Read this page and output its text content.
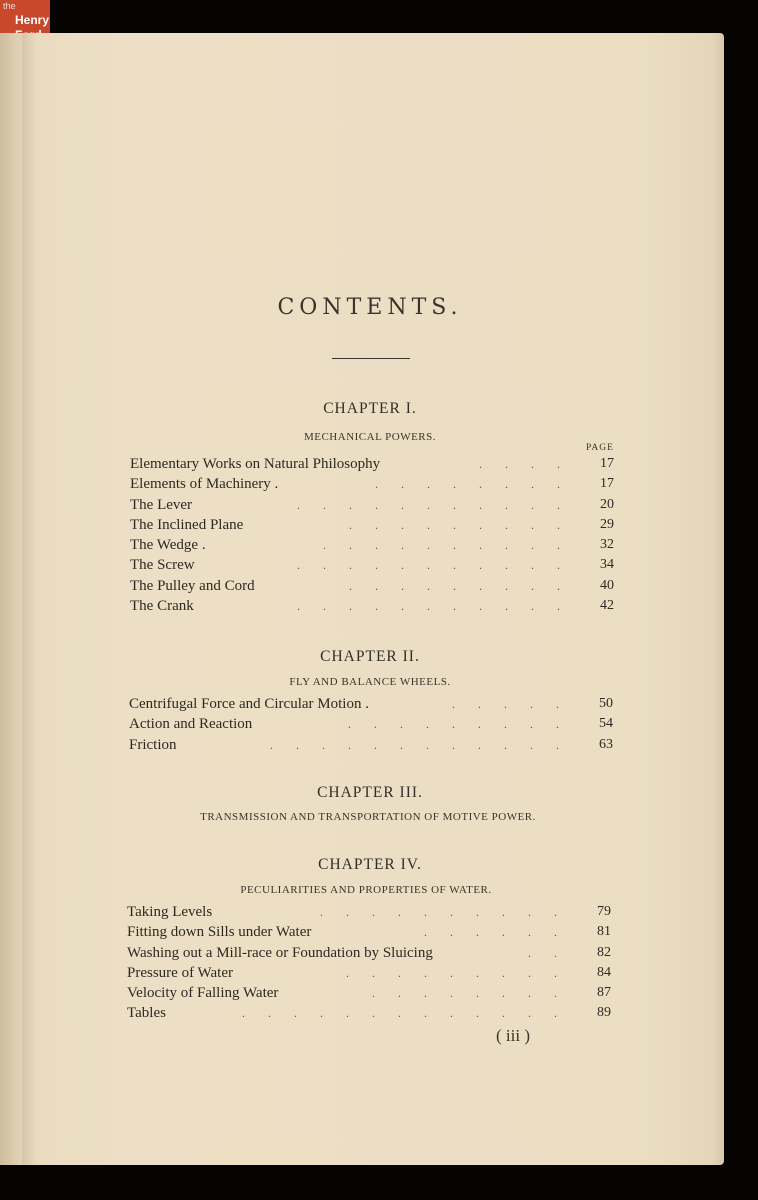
the
Henry
CONTENTS.
CHAPTER I.
MECHANICAL POWERS.
PAGE
Elementary Works on Natural Philosophy	. . . .	17
Elements of Machinery .	. . . . . . . .	17
The Lever	. . . . . . . . . . .	20
The Inclined Plane	. . . . . . . . .	29
The Wedge .	. . . . . . . . . .	32
The Screw	. . . . . . . . . . .	34
The Pulley and Cord	. . . . . . . . .	40
The Crank	. . . . . . . . . . .	42
CHAPTER II.
FLY AND BALANCE WHEELS.
Centrifugal Force and Circular Motion .	. . . . .	50
Action and Reaction	. . . . . . . . .	54
Friction	. . . . . . . . . . . .	63
CHAPTER III.
TRANSMISSION AND TRANSPORTATION OF MOTIVE POWER.
CHAPTER IV.
PECULIARITIES AND PROPERTIES OF WATER.
Taking Levels	. . . . . . . . . .	79
Fitting down Sills under Water	. . . . . .	81
Washing out a Mill-race or Foundation by Sluicing	. .	82
Pressure of Water	. . . . . . . . .	84
Velocity of Falling Water	. . . . . . . .	87
Tables	. . . . . . . . . . . . .	89
( iii )
